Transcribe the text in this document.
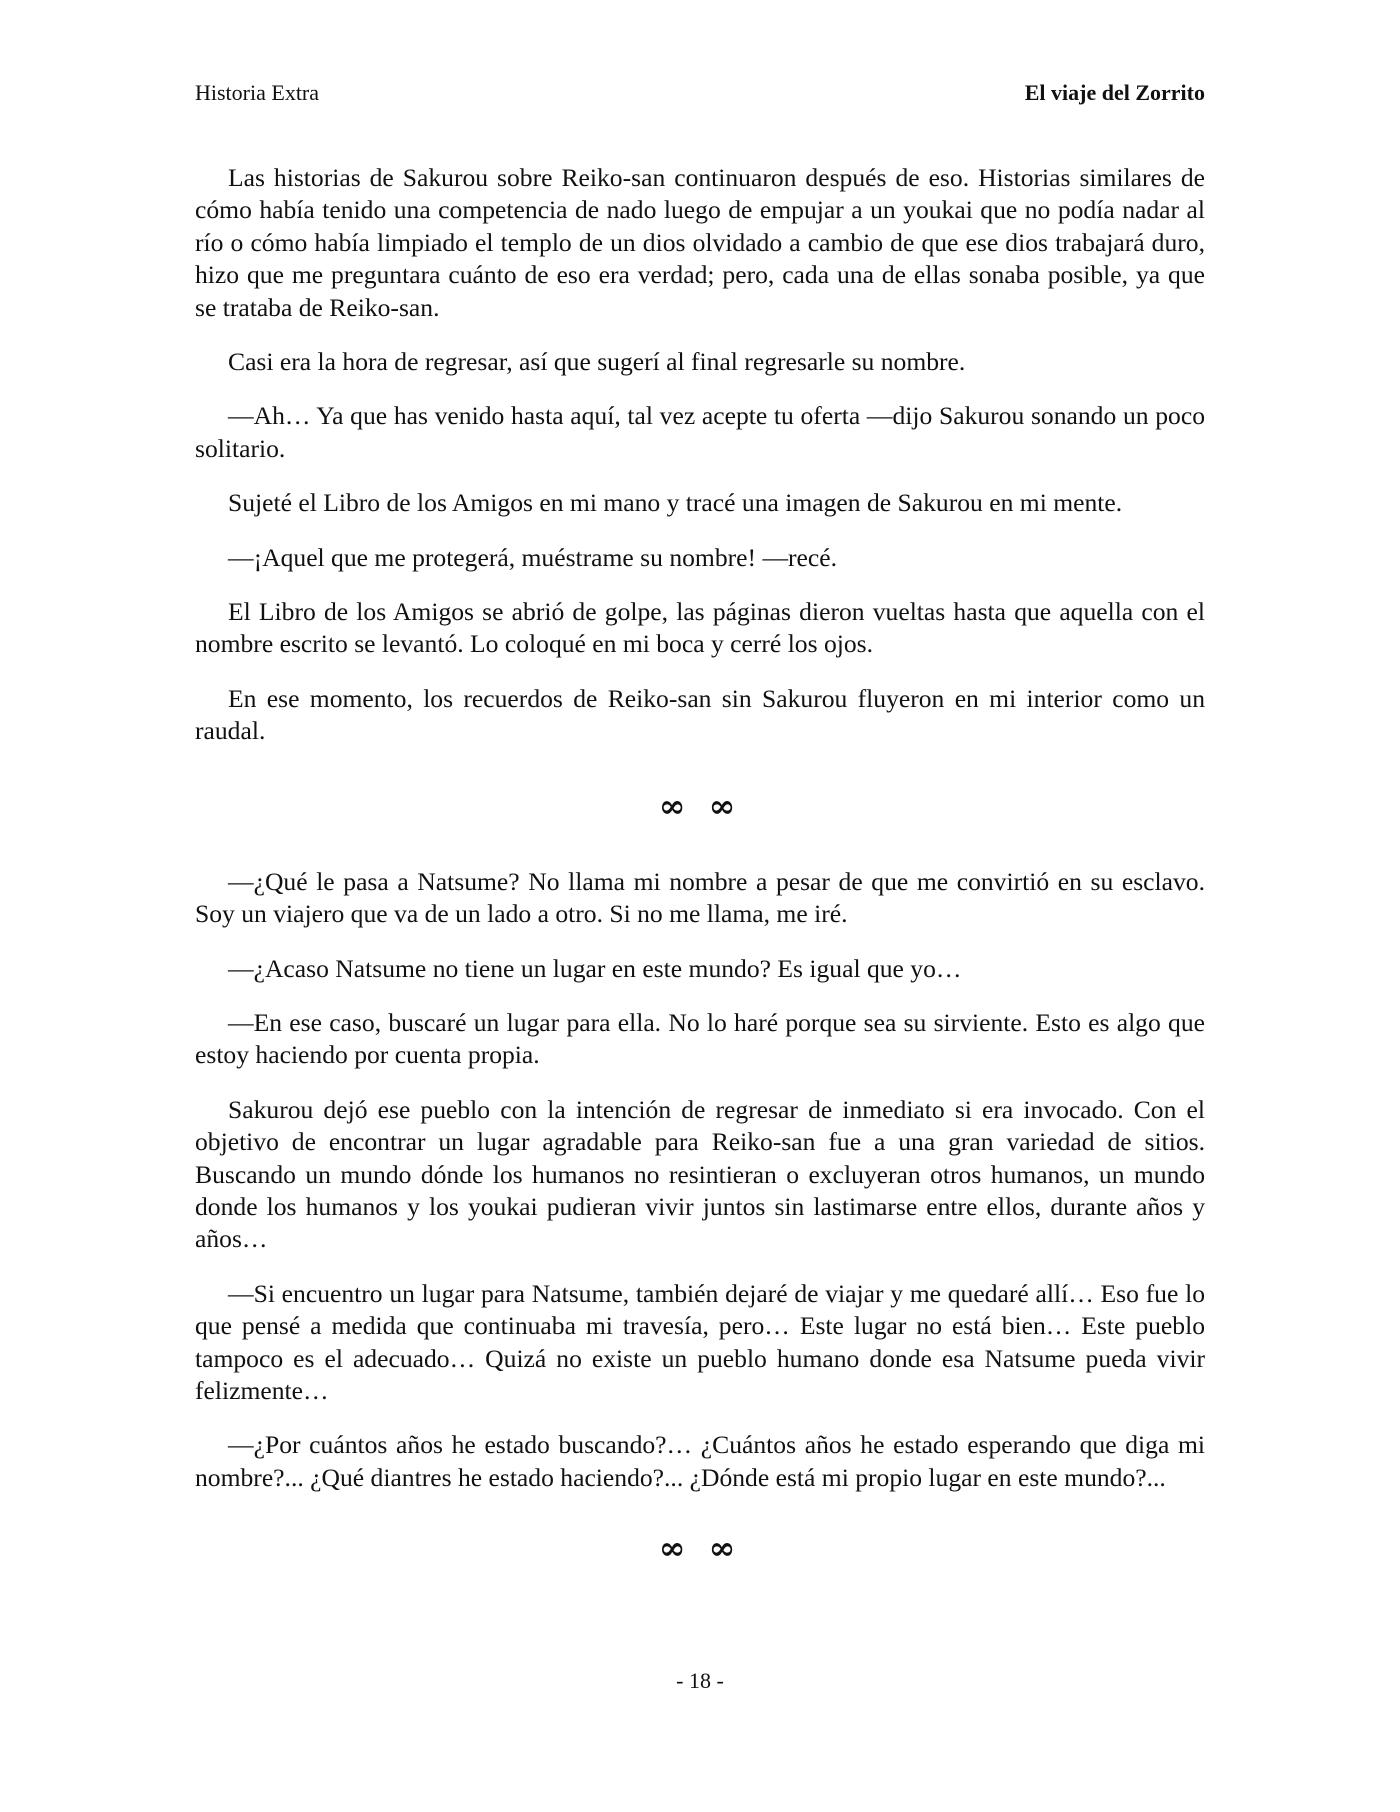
Historia Extra	El viaje del Zorrito

Las historias de Sakurou sobre Reiko-san continuaron después de eso. Historias similares de cómo había tenido una competencia de nado luego de empujar a un youkai que no podía nadar al río o cómo había limpiado el templo de un dios olvidado a cambio de que ese dios trabajará duro, hizo que me preguntara cuánto de eso era verdad; pero, cada una de ellas sonaba posible, ya que se trataba de Reiko-san.

Casi era la hora de regresar, así que sugerí al final regresarle su nombre.

—Ah… Ya que has venido hasta aquí, tal vez acepte tu oferta —dijo Sakurou sonando un poco solitario.

Sujeté el Libro de los Amigos en mi mano y tracé una imagen de Sakurou en mi mente.

—¡Aquel que me protegerá, muéstrame su nombre! —recé.

El Libro de los Amigos se abrió de golpe, las páginas dieron vueltas hasta que aquella con el nombre escrito se levantó. Lo coloqué en mi boca y cerré los ojos.

En ese momento, los recuerdos de Reiko-san sin Sakurou fluyeron en mi interior como un raudal.

∞ ∞

—¿Qué le pasa a Natsume? No llama mi nombre a pesar de que me convirtió en su esclavo. Soy un viajero que va de un lado a otro. Si no me llama, me iré.

—¿Acaso Natsume no tiene un lugar en este mundo? Es igual que yo…

—En ese caso, buscaré un lugar para ella. No lo haré porque sea su sirviente. Esto es algo que estoy haciendo por cuenta propia.

Sakurou dejó ese pueblo con la intención de regresar de inmediato si era invocado. Con el objetivo de encontrar un lugar agradable para Reiko-san fue a una gran variedad de sitios. Buscando un mundo dónde los humanos no resintieran o excluyeran otros humanos, un mundo donde los humanos y los youkai pudieran vivir juntos sin lastimarse entre ellos, durante años y años…

—Si encuentro un lugar para Natsume, también dejaré de viajar y me quedaré allí… Eso fue lo que pensé a medida que continuaba mi travesía, pero… Este lugar no está bien… Este pueblo tampoco es el adecuado… Quizá no existe un pueblo humano donde esa Natsume pueda vivir felizmente…

—¿Por cuántos años he estado buscando?… ¿Cuántos años he estado esperando que diga mi nombre?... ¿Qué diantres he estado haciendo?... ¿Dónde está mi propio lugar en este mundo?...

∞ ∞
- 18 -
